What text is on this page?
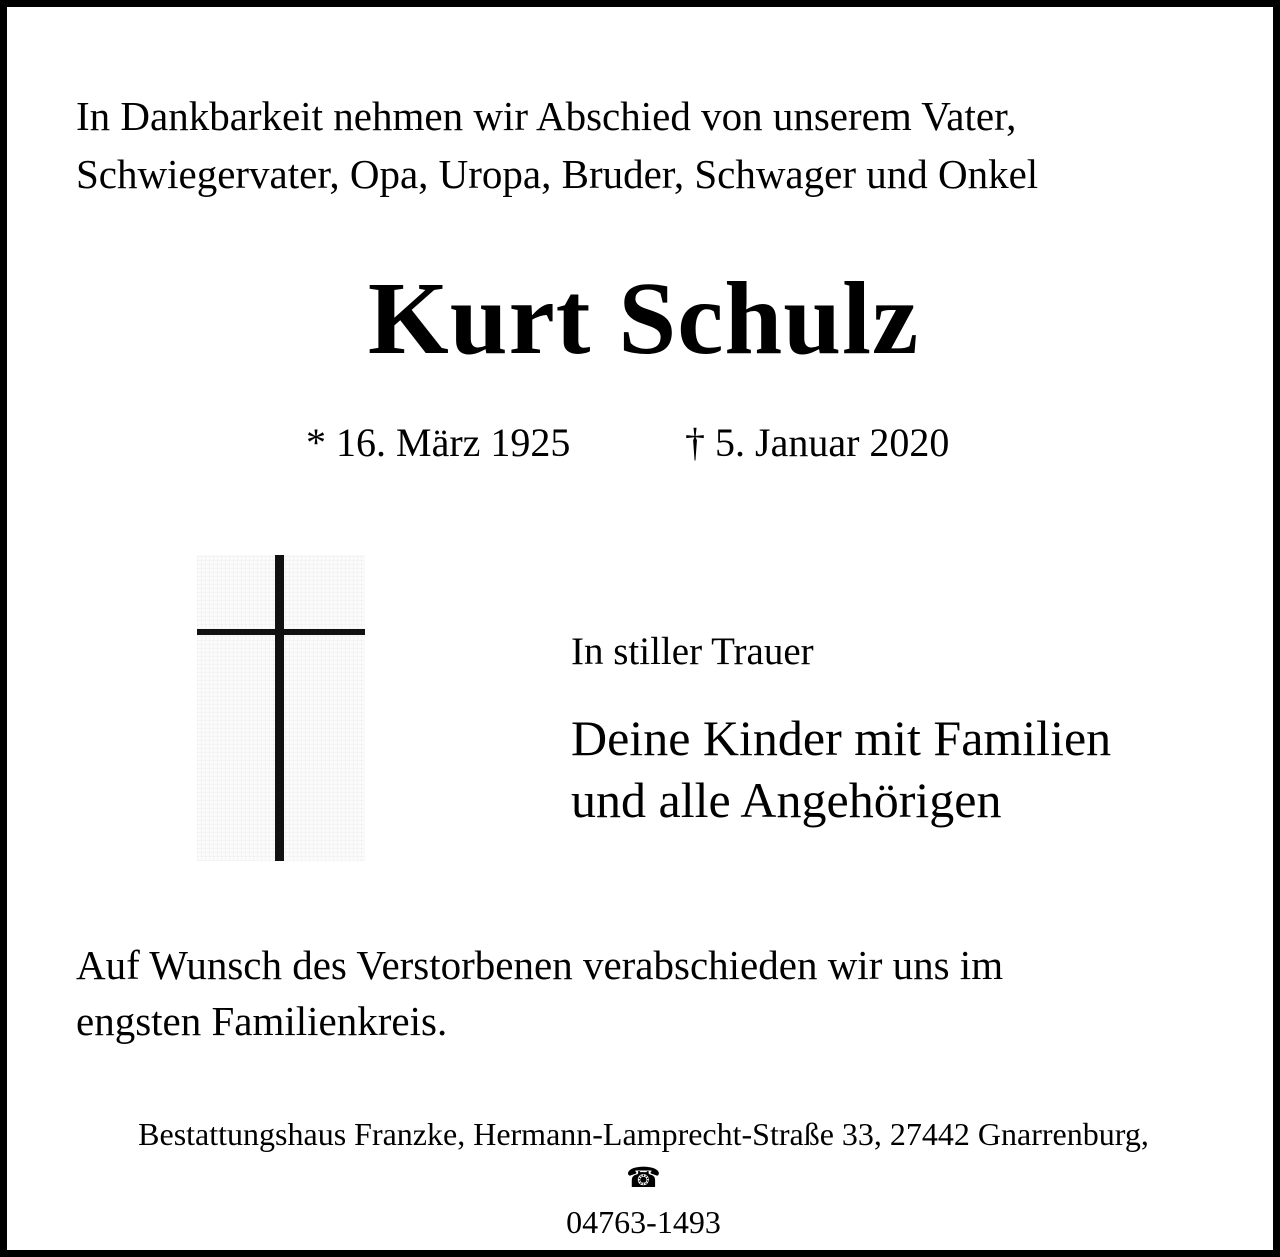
In Dankbarkeit nehmen wir Abschied von unserem Vater,
Schwiegervater, Opa, Uropa, Bruder, Schwager und Onkel

Kurt Schulz
* 16. März 1925	† 5. Januar 2020
In stiller Trauer

Deine Kinder mit Familien
und alle Angehörigen

Auf Wunsch des Verstorbenen verabschieden wir uns im
engsten Familienkreis.

Bestattungshaus Franzke, Hermann-Lamprecht-Straße 33, 27442 Gnarrenburg,
☎
04763-1493
